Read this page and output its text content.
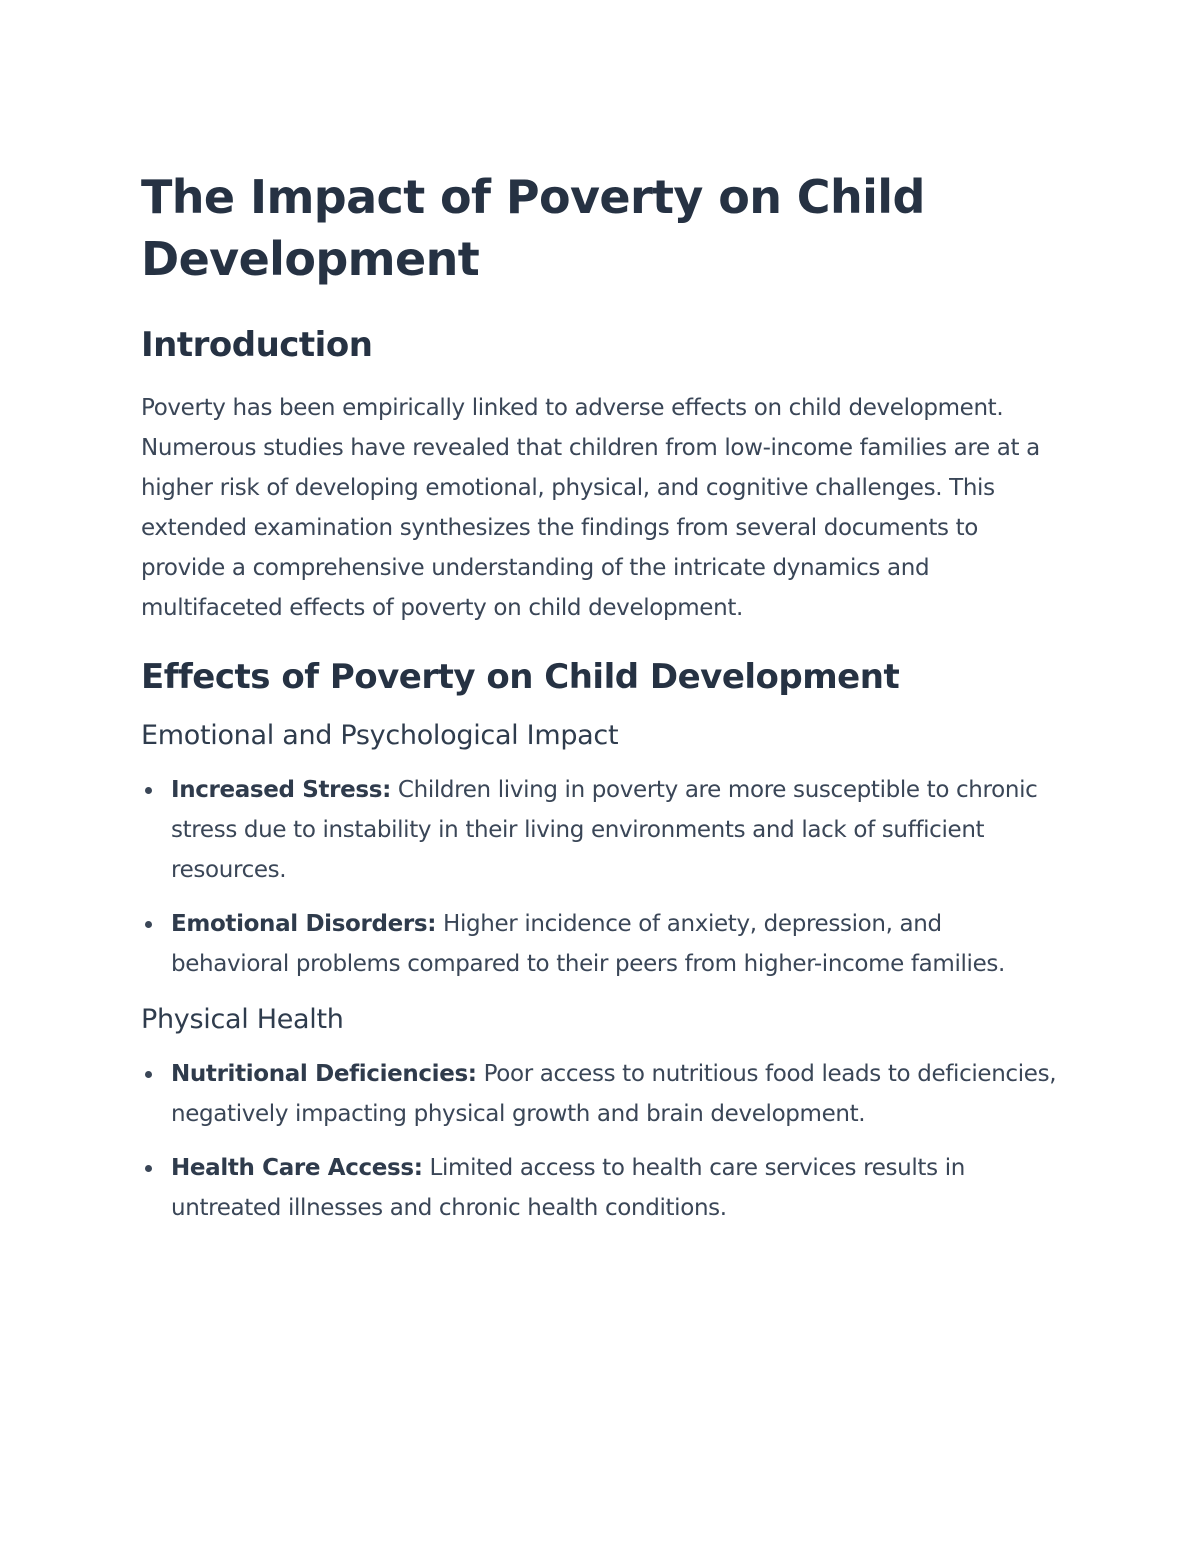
The Impact of Poverty on Child Development
Introduction

Poverty has been empirically linked to adverse effects on child development. Numerous studies have revealed that children from low-income families are at a higher risk of developing emotional, physical, and cognitive challenges. This extended examination synthesizes the findings from several documents to provide a comprehensive understanding of the intricate dynamics and multifaceted effects of poverty on child development.

Effects of Poverty on Child Development
Emotional and Psychological Impact
Increased Stress: Children living in poverty are more susceptible to chronic stress due to instability in their living environments and lack of sufficient resources.
Emotional Disorders: Higher incidence of anxiety, depression, and behavioral problems compared to their peers from higher-income families.
Physical Health
Nutritional Deficiencies: Poor access to nutritious food leads to deficiencies, negatively impacting physical growth and brain development.
Health Care Access: Limited access to health care services results in untreated illnesses and chronic health conditions.
